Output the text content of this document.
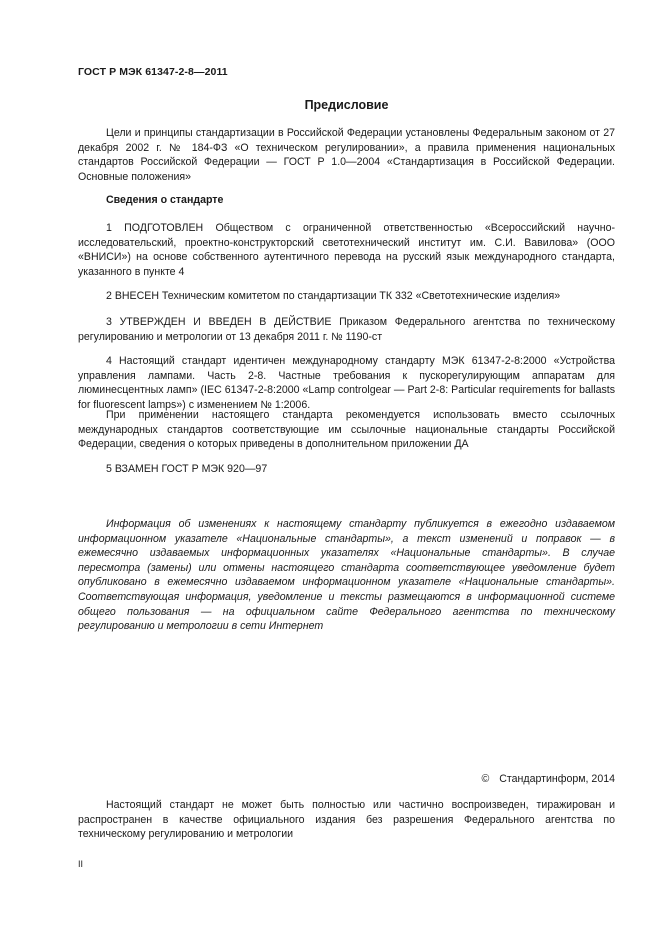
ГОСТ Р МЭК 61347-2-8—2011
Предисловие

Цели и принципы стандартизации в Российской Федерации установлены Федеральным законом от 27 декабря 2002 г. № 184-ФЗ «О техническом регулировании», а правила применения национальных стандартов Российской Федерации — ГОСТ Р 1.0—2004 «Стандартизация в Российской Федерации. Основные положения»

Сведения о стандарте

1 ПОДГОТОВЛЕН Обществом с ограниченной ответственностью «Всероссийский научно-исследовательский, проектно-конструкторский светотехнический институт им. С.И. Вавилова» (ООО «ВНИСИ») на основе собственного аутентичного перевода на русский язык международного стандарта, указанного в пункте 4

2 ВНЕСЕН Техническим комитетом по стандартизации ТК 332 «Светотехнические изделия»

3 УТВЕРЖДЕН И ВВЕДЕН В ДЕЙСТВИЕ Приказом Федерального агентства по техническому регулированию и метрологии от 13 декабря 2011 г. № 1190-ст

4 Настоящий стандарт идентичен международному стандарту МЭК 61347-2-8:2000 «Устройства управления лампами. Часть 2-8. Частные требования к пускорегулирующим аппаратам для люминесцентных ламп» (IEC 61347-2-8:2000 «Lamp controlgear — Part 2-8: Particular requirements for ballasts for fluorescent lamps») с изменением № 1:2006.

При применении настоящего стандарта рекомендуется использовать вместо ссылочных международных стандартов соответствующие им ссылочные национальные стандарты Российской Федерации, сведения о которых приведены в дополнительном приложении ДА

5 ВЗАМЕН ГОСТ Р МЭК 920—97

Информация об изменениях к настоящему стандарту публикуется в ежегодно издаваемом информационном указателе «Национальные стандарты», а текст изменений и поправок — в ежемесячно издаваемых информационных указателях «Национальные стандарты». В случае пересмотра (замены) или отмены настоящего стандарта соответствующее уведомление будет опубликовано в ежемесячно издаваемом информационном указателе «Национальные стандарты». Соответствующая информация, уведомление и тексты размещаются в информационной системе общего пользования — на официальном сайте Федерального агентства по техническому регулированию и метрологии в сети Интернет

© Стандартинформ, 2014

Настоящий стандарт не может быть полностью или частично воспроизведен, тиражирован и распространен в качестве официального издания без разрешения Федерального агентства по техническому регулированию и метрологии

II
